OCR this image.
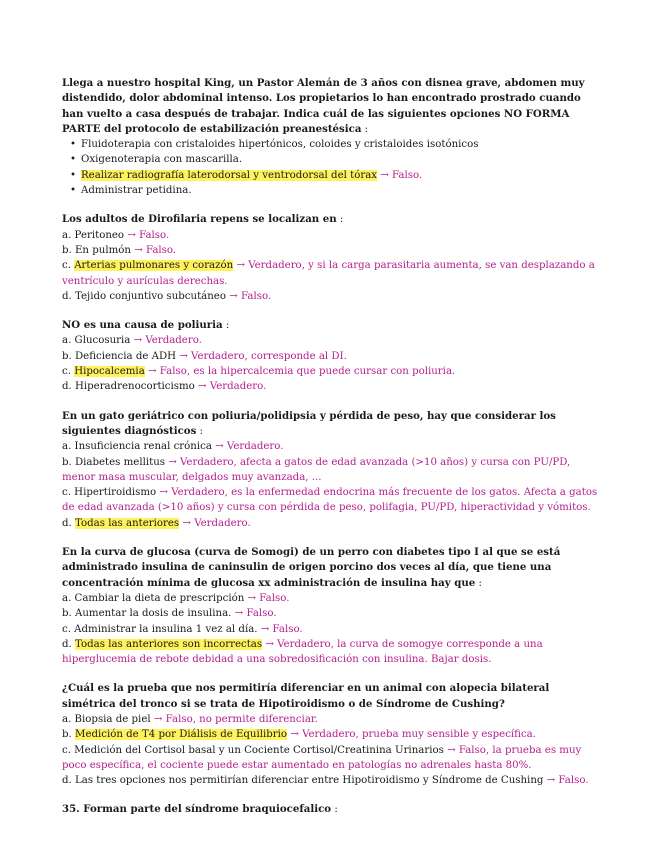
Llega a nuestro hospital King, un Pastor Alemán de 3 años con disnea grave, abdomen muy distendido, dolor abdominal intenso. Los propietarios lo han encontrado prostrado cuando han vuelto a casa después de trabajar. Indica cuál de las siguientes opciones NO FORMA PARTE del protocolo de estabilización preanestésica :
• Fluidoterapia con cristaloides hipertónicos, coloides y cristaloides isotónicos
• Oxigenoterapia con mascarilla.
• Realizar radiografía laterodorsal y ventrodorsal del tórax → Falso.
• Administrar petidina.
Los adultos de Dirofilaria repens se localizan en :
a. Peritoneo → Falso.
b. En pulmón → Falso.
c. Arterias pulmonares y corazón → Verdadero, y si la carga parasitaria aumenta, se van desplazando a ventrículo y aurículas derechas.
d. Tejido conjuntivo subcutáneo → Falso.
NO es una causa de poliuria :
a. Glucosuria → Verdadero.
b. Deficiencia de ADH → Verdadero, corresponde al DI.
c. Hipocalcemia → Falso, es la hipercalcemia que puede cursar con poliuria.
d. Hiperadrenocorticismo → Verdadero.
En un gato geriátrico con poliuria/polidipsia y pérdida de peso, hay que considerar los siguientes diagnósticos :
a. Insuficiencia renal crónica → Verdadero.
b. Diabetes mellitus → Verdadero, afecta a gatos de edad avanzada (>10 años) y cursa con PU/PD, menor masa muscular, delgados muy avanzada, ...
c. Hipertiroidismo → Verdadero, es la enfermedad endocrina más frecuente de los gatos. Afecta a gatos de edad avanzada (>10 años) y cursa con pérdida de peso, polifagia, PU/PD, hiperactividad y vómitos.
d. Todas las anteriores → Verdadero.
En la curva de glucosa (curva de Somogi) de un perro con diabetes tipo I al que se está administrado insulina de caninsulin de origen porcino dos veces al día, que tiene una concentración mínima de glucosa xx administración de insulina hay que :
a. Cambiar la dieta de prescripción → Falso.
b. Aumentar la dosis de insulina. → Falso.
c. Administrar la insulina 1 vez al día. → Falso.
d. Todas las anteriores son incorrectas → Verdadero, la curva de somogye corresponde a una hiperglucemia de rebote debidad a una sobredosificación con insulina. Bajar dosis.
¿Cuál es la prueba que nos permitiría diferenciar en un animal con alopecia bilateral simétrica del tronco si se trata de Hipotiroidismo o de Síndrome de Cushing?
a. Biopsia de piel → Falso, no permite diferenciar.
b. Medición de T4 por Diálisis de Equilibrio → Verdadero, prueba muy sensible y específica.
c. Medición del Cortisol basal y un Cociente Cortisol/Creatinina Urinarios → Falso, la prueba es muy poco específica, el cociente puede estar aumentado en patologías no adrenales hasta 80%.
d. Las tres opciones nos permitirían diferenciar entre Hipotiroidismo y Síndrome de Cushing → Falso.
35. Forman parte del síndrome braquiocefalico :
